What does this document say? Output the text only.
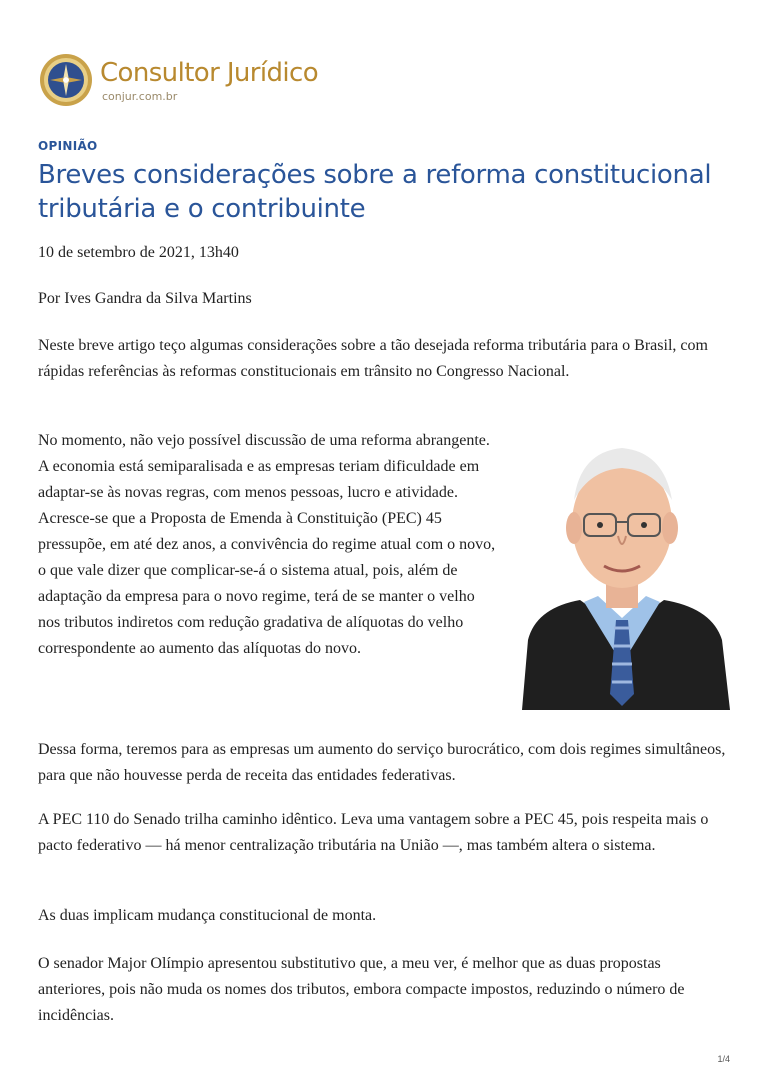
Consultor Jurídico
conjur.com.br
OPINIÃO
Breves considerações sobre a reforma constitucional tributária e o contribuinte

10 de setembro de 2021, 13h40

Por Ives Gandra da Silva Martins

Neste breve artigo teço algumas considerações sobre a tão desejada reforma tributária para o Brasil, com rápidas referências às reformas constitucionais em trânsito no Congresso Nacional.

No momento, não vejo possível discussão de uma reforma abrangente. A economia está semiparalisada e as empresas teriam dificuldade em adaptar-se às novas regras, com menos pessoas, lucro e atividade. Acresce-se que a Proposta de Emenda à Constituição (PEC) 45 pressupõe, em até dez anos, a convivência do regime atual com o novo, o que vale dizer que complicar-se-á o sistema atual, pois, além de adaptação da empresa para o novo regime, terá de se manter o velho nos tributos indiretos com redução gradativa de alíquotas do velho correspondente ao aumento das alíquotas do novo.

Dessa forma, teremos para as empresas um aumento do serviço burocrático, com dois regimes simultâneos, para que não houvesse perda de receita das entidades federativas.

A PEC 110 do Senado trilha caminho idêntico. Leva uma vantagem sobre a PEC 45, pois respeita mais o pacto federativo — há menor centralização tributária na União —, mas também altera o sistema.

As duas implicam mudança constitucional de monta.

O senador Major Olímpio apresentou substitutivo que, a meu ver, é melhor que as duas propostas anteriores, pois não muda os nomes dos tributos, embora compacte impostos, reduzindo o número de incidências.

1/4
